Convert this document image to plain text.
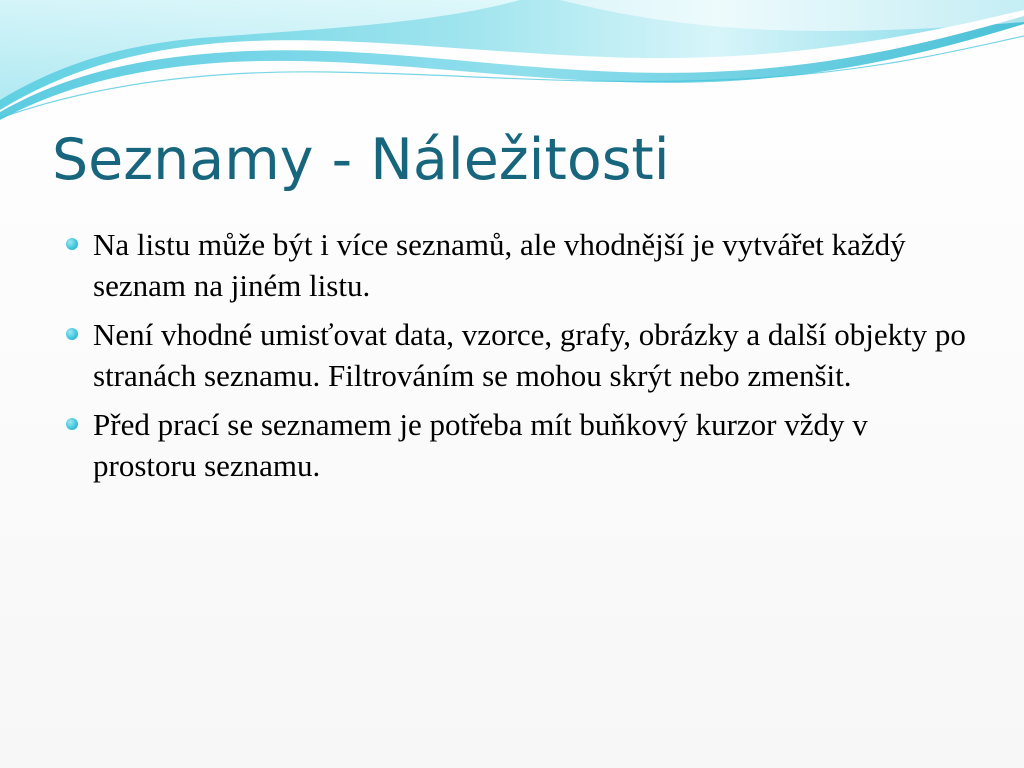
Seznamy - Náležitosti
Na listu může být i více seznamů, ale vhodnější je vytvářet každý seznam na jiném listu.
Není vhodné umisťovat data, vzorce, grafy, obrázky a další objekty po stranách seznamu. Filtrováním se mohou skrýt nebo zmenšit.
Před prací se seznamem je potřeba mít buňkový kurzor vždy v prostoru seznamu.
